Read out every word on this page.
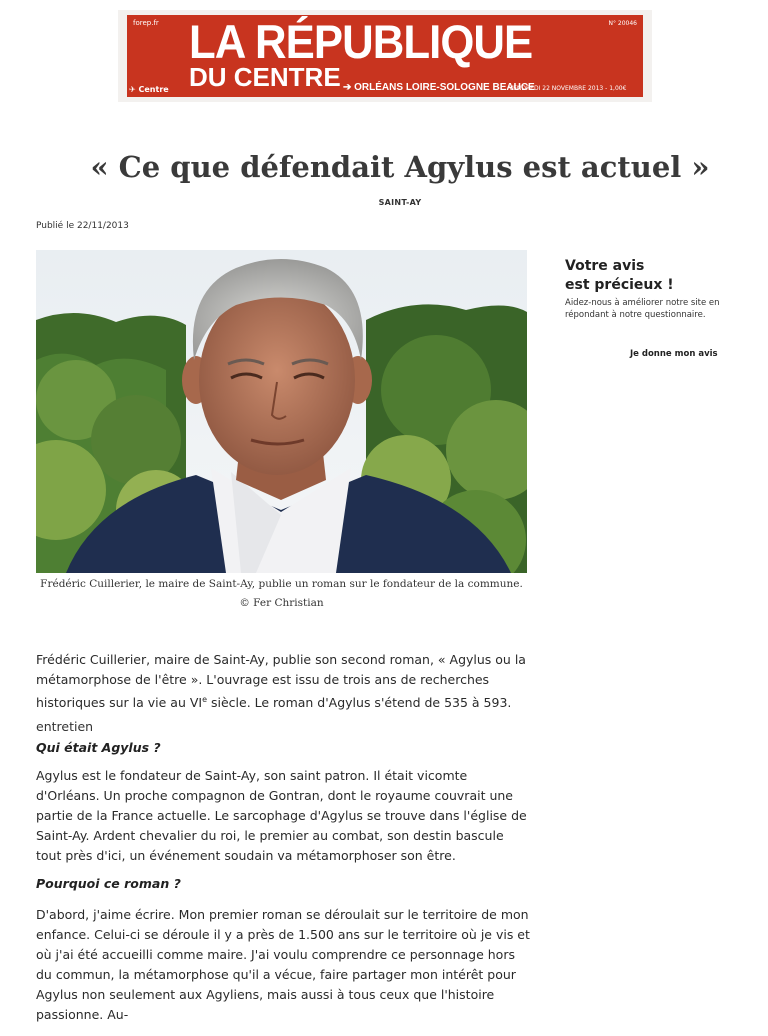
forep.fr	N° 20046
LA RÉPUBLIQUE
DU CENTRE
✈ Centre	➔ ORLÉANS LOIRE-SOLOGNE BEAUCE
VENDREDI 22 NOVEMBRE 2013 - 1,00€
« Ce que défendait Agylus est actuel »
SAINT-AY
Publié le 22/11/2013
Frédéric Cuillerier, le maire de Saint-Ay, publie un roman sur le fondateur de la commune. © Fer Christian

Votre avis

est précieux !

Aidez-nous à améliorer notre site en répondant à notre questionnaire.
Je donne mon avis

Frédéric Cuillerier, maire de Saint-Ay, publie son second roman, « Agylus ou la métamorphose de l'être ». L'ouvrage est issu de trois ans de recherches historiques sur la vie au VIe siècle. Le roman d'Agylus s'étend de 535 à 593.

entretien

Qui était Agylus ?

Agylus est le fondateur de Saint-Ay, son saint patron. Il était vicomte d'Orléans. Un proche compagnon de Gontran, dont le royaume couvrait une partie de la France actuelle. Le sarcophage d'Agylus se trouve dans l'église de Saint-Ay. Ardent chevalier du roi, le premier au combat, son destin bascule tout près d'ici, un événement soudain va métamorphoser son être.

Pourquoi ce roman ?

D'abord, j'aime écrire. Mon premier roman se déroulait sur le territoire de mon enfance. Celui-ci se déroule il y a près de 1.500 ans sur le territoire où je vis et où j'ai été accueilli comme maire. J'ai voulu comprendre ce personnage hors du commun, la métamorphose qu'il a vécue, faire partager mon intérêt pour Agylus non seulement aux Agyliens, mais aussi à tous ceux que l'histoire passionne. Au-
